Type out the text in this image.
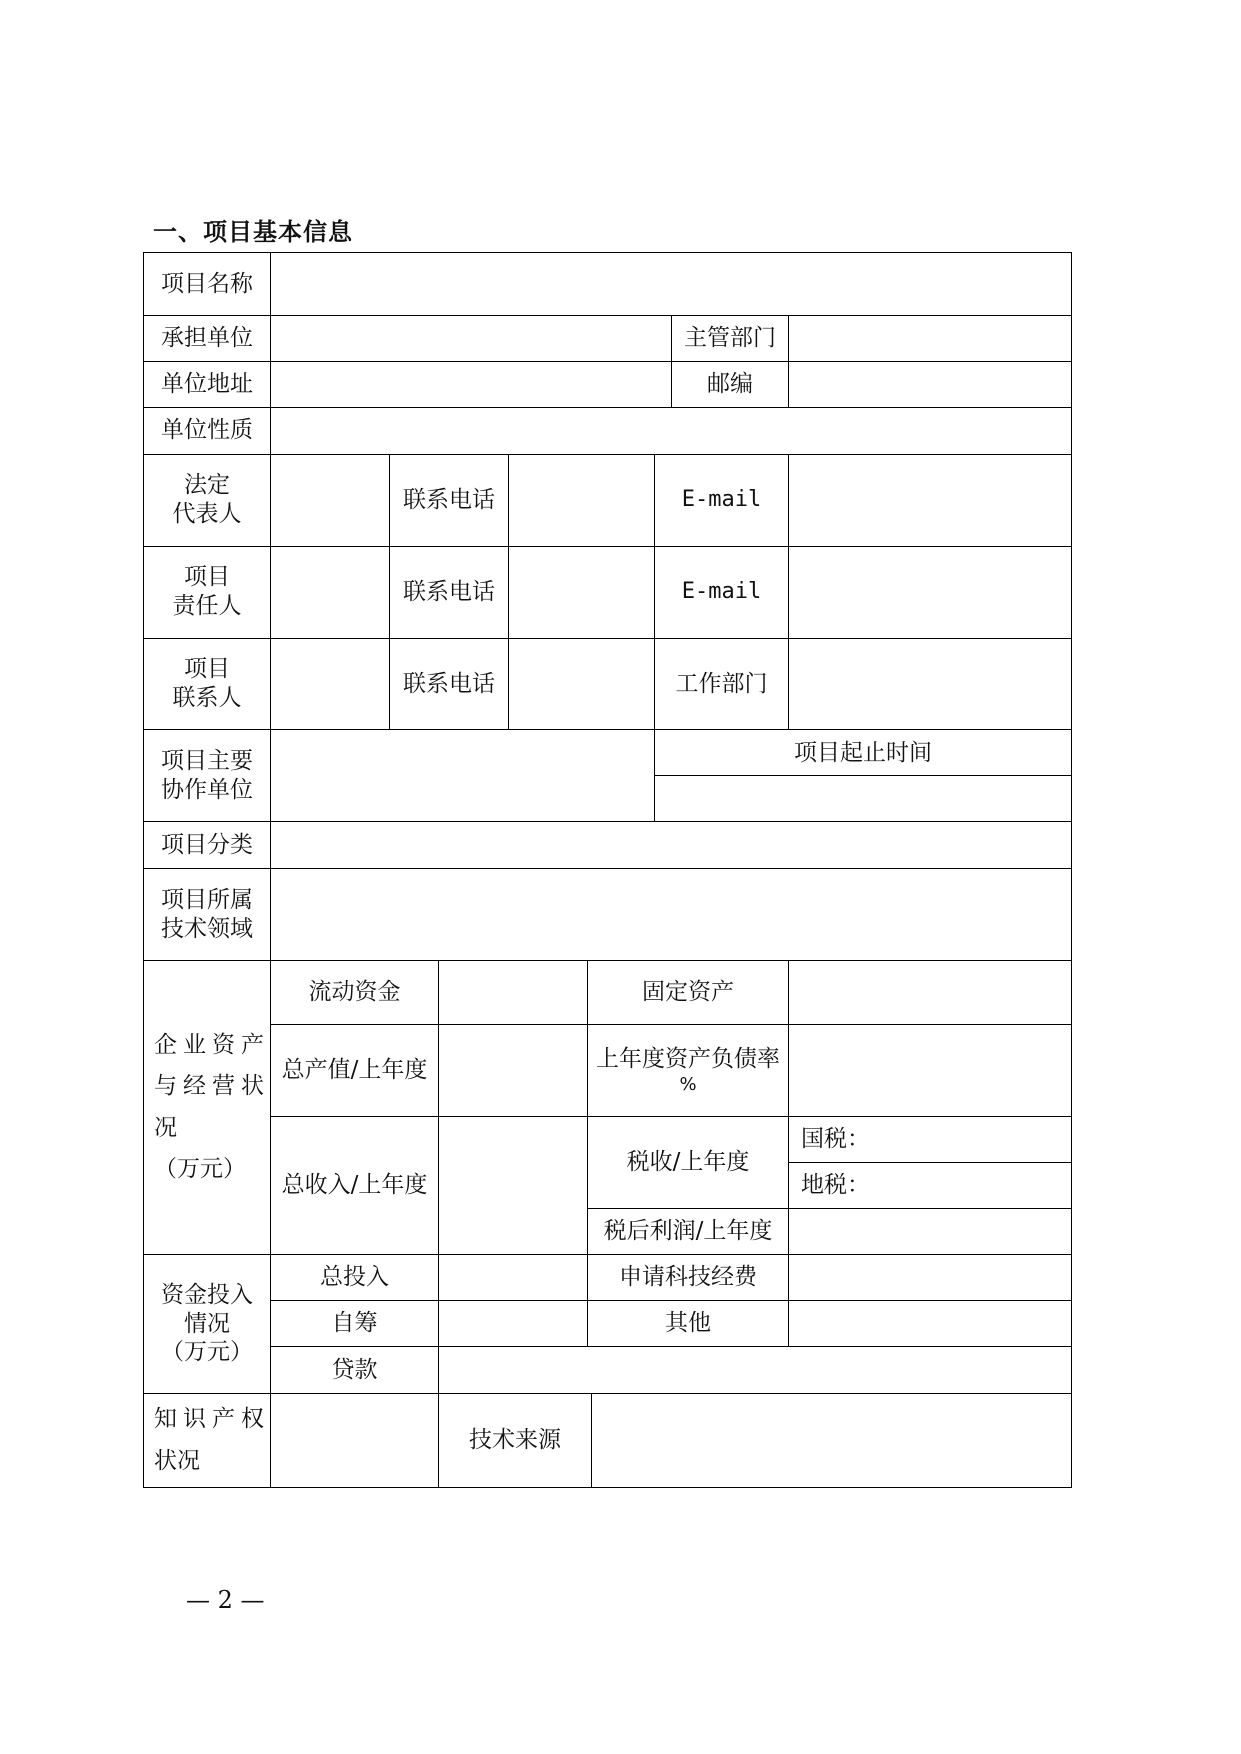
一、项目基本信息
项目名称									
承担单位								主管部门	
单位地址								邮编	
单位性质									

法定
代表人		联系电话					E-mail		

项目
责任人		联系电话					E-mail		

项目
联系人		联系电话					工作部门		

项目主要
协作单位							项目起止时间		

项目分类									

项目所属
技术领域									

企业资产
与经营状
况
（万元）	流动资金				固定资产				
	总产值/上年度				上年度资产负债率
%				

	总收入/上年度				税收/上年度				国税：
									地税：
					税后利润/上年度				

资金投入
情况
（万元）	总投入				申请科技经费				
	自筹				其他				
	贷款								

知识产权
状况			技术来源						

— 2 —
